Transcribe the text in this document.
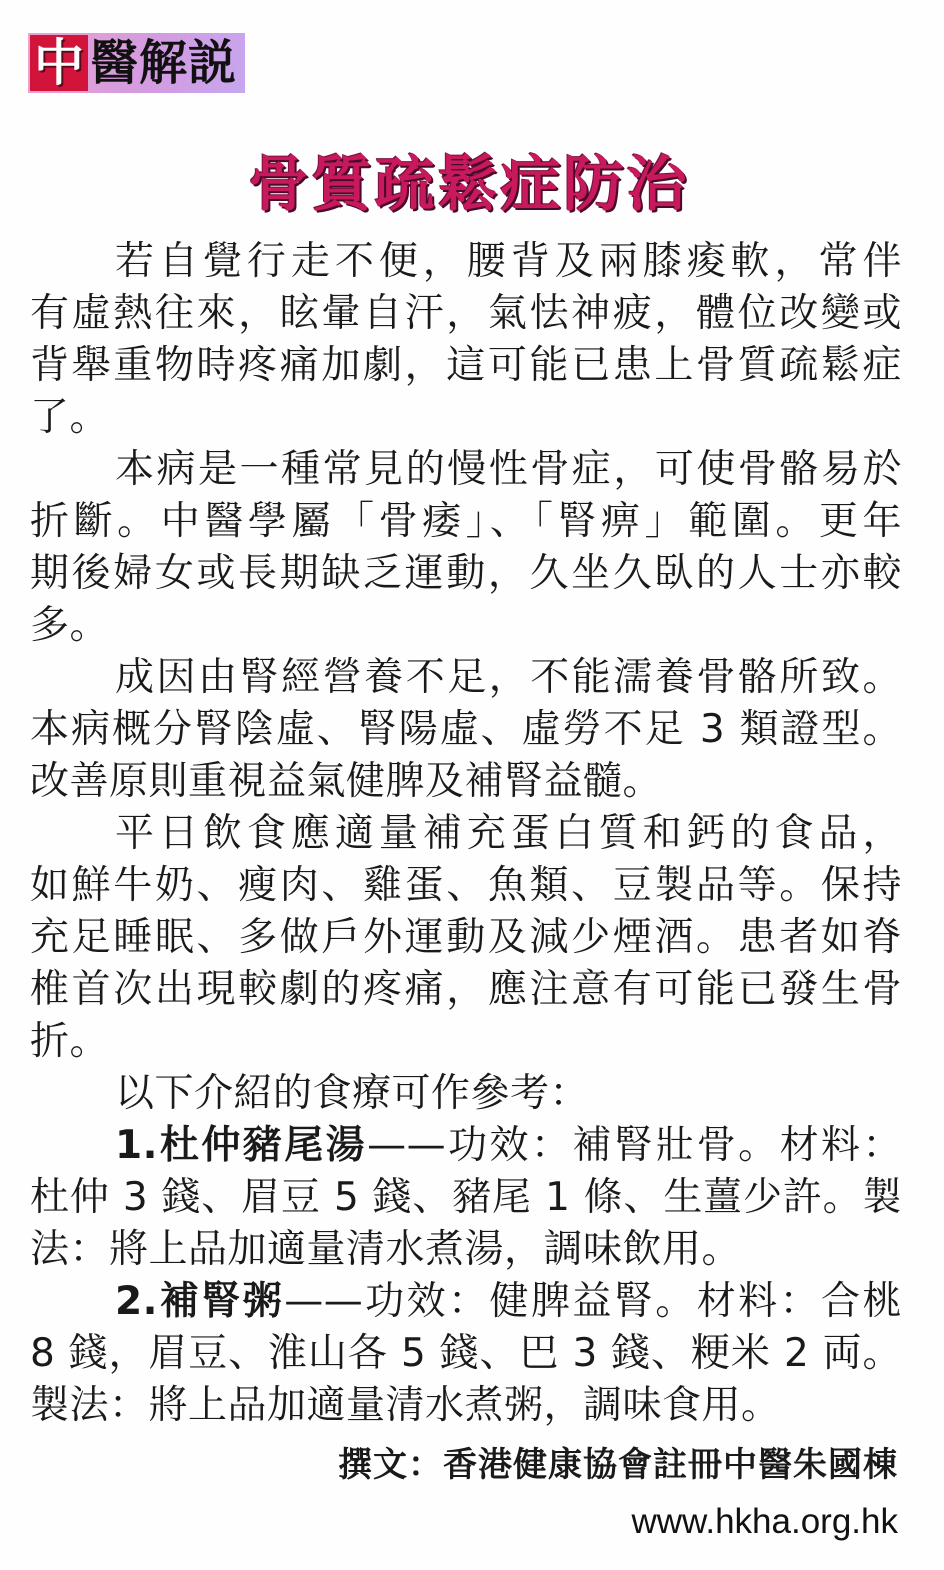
中 醫解説
骨質疏鬆症防治
若自覺行走不便，腰背及兩膝痠軟，常伴
有虛熱往來，眩暈自汗，氣怯神疲，體位改變或
背舉重物時疼痛加劇，這可能已患上骨質疏鬆症
了。
本病是一種常見的慢性骨症，可使骨骼易於
折斷。中醫學屬「骨痿」、「腎痹」範圍。更年
期後婦女或長期缺乏運動，久坐久臥的人士亦較
多。
成因由腎經營養不足，不能濡養骨骼所致。
本病概分腎陰虛、腎陽虛、虛勞不足 3 類證型。
改善原則重視益氣健脾及補腎益髓。
平日飲食應適量補充蛋白質和鈣的食品，
如鮮牛奶、瘦肉、雞蛋、魚類、豆製品等。保持
充足睡眠、多做戶外運動及減少煙酒。患者如脊
椎首次出現較劇的疼痛，應注意有可能已發生骨
折。
以下介紹的食療可作參考：
1.杜仲豬尾湯——功效：補腎壯骨。材料：
杜仲 3 錢、眉豆 5 錢、豬尾 1 條、生薑少許。製
法：將上品加適量清水煮湯，調味飲用。
2.補腎粥——功效：健脾益腎。材料：合桃
8 錢，眉豆、淮山各 5 錢、巴 3 錢、粳米 2 両。
製法：將上品加適量清水煮粥，調味食用。
撰文：香港健康協會註冊中醫朱國棟
www.hkha.org.hk
